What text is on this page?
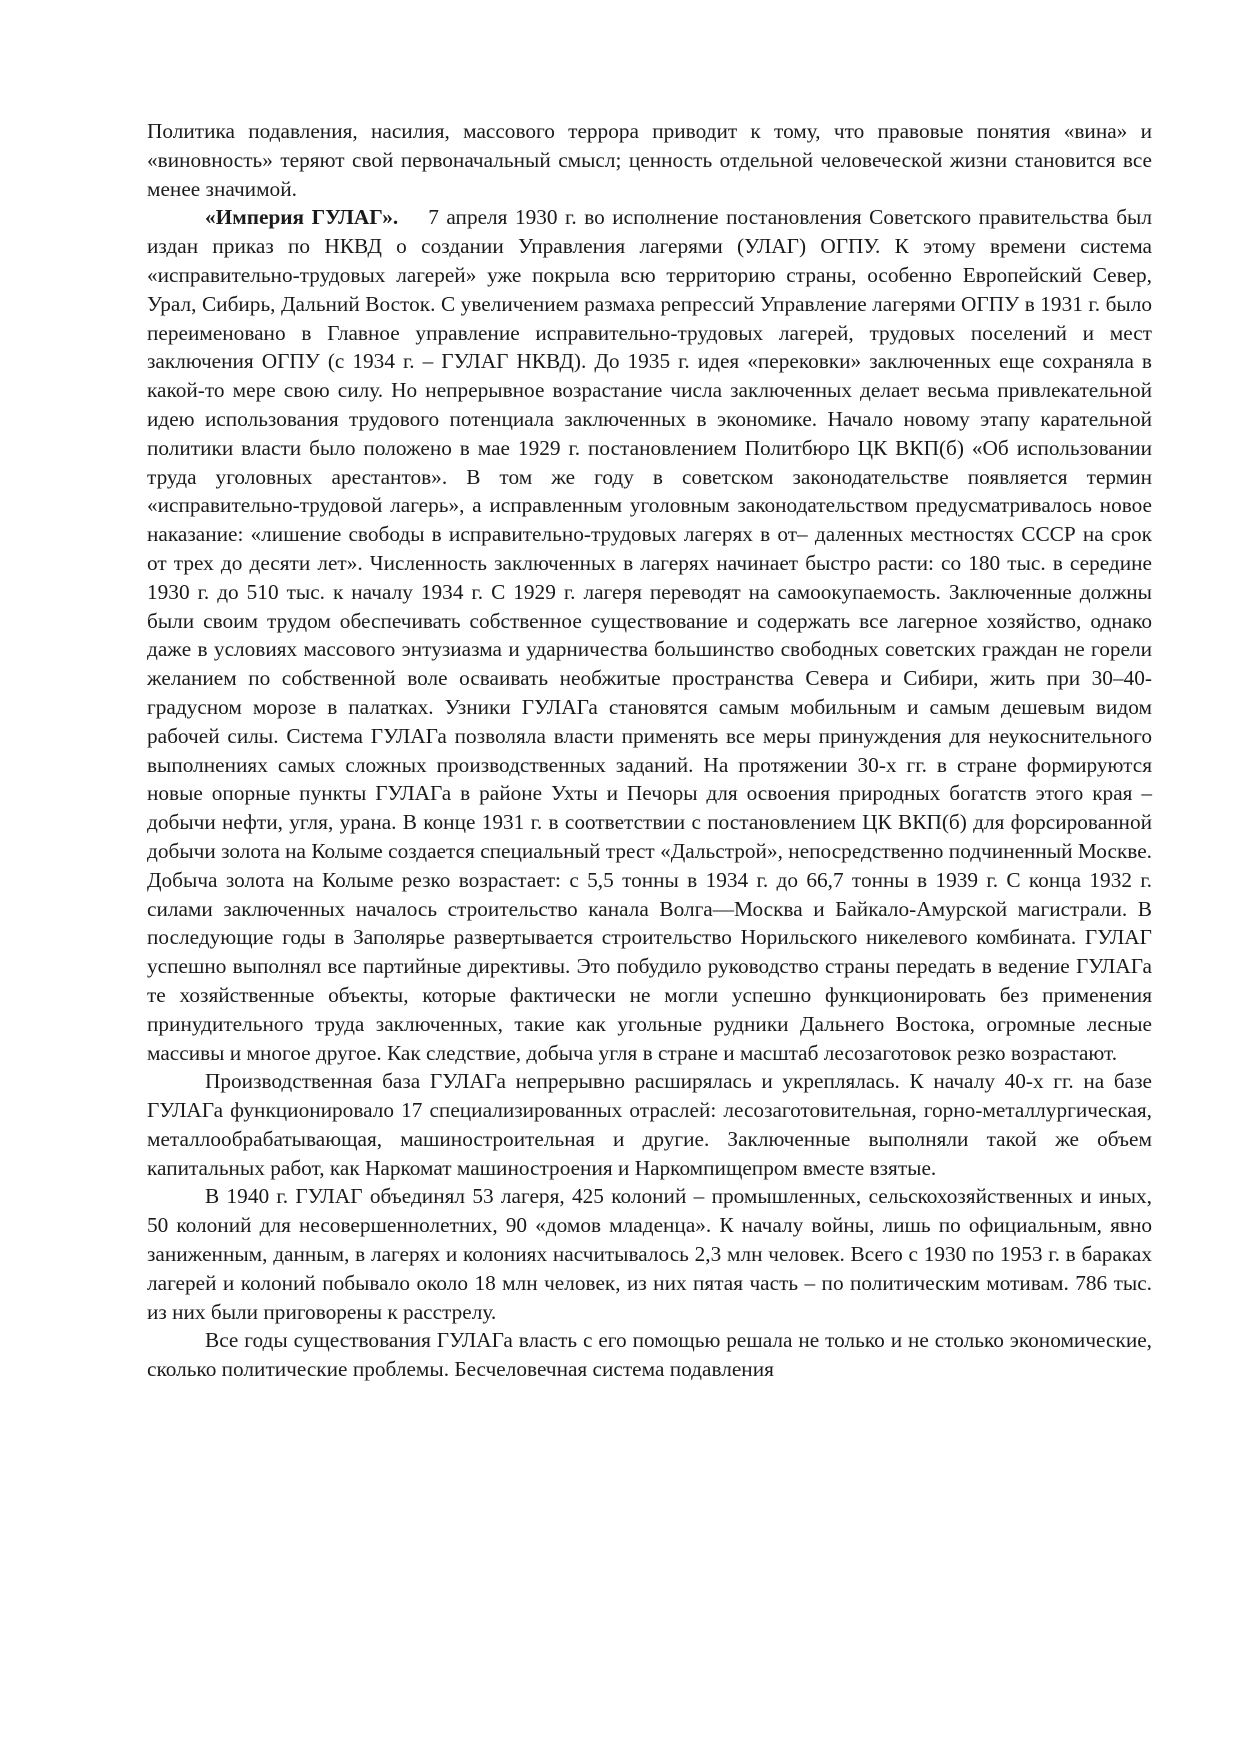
Политика подавления, насилия, массового террора приводит к тому, что правовые понятия «вина» и «виновность» теряют свой первоначальный смысл; ценность отдельной человеческой жизни становится все менее значимой.

«Империя ГУЛАГ». 7 апреля 1930 г. во исполнение постановления Советского правительства был издан приказ по НКВД о создании Управления лагерями (УЛАГ) ОГПУ. К этому времени система «исправительно-трудовых лагерей» уже покрыла всю территорию страны, особенно Европейский Север, Урал, Сибирь, Дальний Восток. С увеличением размаха репрессий Управление лагерями ОГПУ в 1931 г. было переименовано в Главное управление исправительно-трудовых лагерей, трудовых поселений и мест заключения ОГПУ (с 1934 г. – ГУЛАГ НКВД). До 1935 г. идея «перековки» заключенных еще сохраняла в какой-то мере свою силу. Но непрерывное возрастание числа заключенных делает весьма привлекательной идею использования трудового потенциала заключенных в экономике. Начало новому этапу карательной политики власти было положено в мае 1929 г. постановлением Политбюро ЦК ВКП(б) «Об использовании труда уголовных арестантов». В том же году в советском законодательстве появляется термин «исправительно-трудовой лагерь», а исправленным уголовным законодательством предусматривалось новое наказание: «лишение свободы в исправительно-трудовых лагерях в от– даленных местностях СССР на срок от трех до десяти лет». Численность заключенных в лагерях начинает быстро расти: со 180 тыс. в середине 1930 г. до 510 тыс. к началу 1934 г. С 1929 г. лагеря переводят на самоокупаемость. Заключенные должны были своим трудом обеспечивать собственное существование и содержать все лагерное хозяйство, однако даже в условиях массового энтузиазма и ударничества большинство свободных советских граждан не горели желанием по собственной воле осваивать необжитые пространства Севера и Сибири, жить при 30–40-градусном морозе в палатках. Узники ГУЛАГа становятся самым мобильным и самым дешевым видом рабочей силы. Система ГУЛАГа позволяла власти применять все меры принуждения для неукоснительного выполнениях самых сложных производственных заданий. На протяжении 30-х гг. в стране формируются новые опорные пункты ГУЛАГа в районе Ухты и Печоры для освоения природных богатств этого края – добычи нефти, угля, урана. В конце 1931 г. в соответствии с постановлением ЦК ВКП(б) для форсированной добычи золота на Колыме создается специальный трест «Дальстрой», непосредственно подчиненный Москве. Добыча золота на Колыме резко возрастает: с 5,5 тонны в 1934 г. до 66,7 тонны в 1939 г. С конца 1932 г. силами заключенных началось строительство канала Волга—Москва и Байкало-Амурской магистрали. В последующие годы в Заполярье развертывается строительство Норильского никелевого комбината. ГУЛАГ успешно выполнял все партийные директивы. Это побудило руководство страны передать в ведение ГУЛАГа те хозяйственные объекты, которые фактически не могли успешно функционировать без применения принудительного труда заключенных, такие как угольные рудники Дальнего Востока, огромные лесные массивы и многое другое. Как следствие, добыча угля в стране и масштаб лесозаготовок резко возрастают.

Производственная база ГУЛАГа непрерывно расширялась и укреплялась. К началу 40-х гг. на базе ГУЛАГа функционировало 17 специализированных отраслей: лесозаготовительная, горно-металлургическая, металлообрабатывающая, машиностроительная и другие. Заключенные выполняли такой же объем капитальных работ, как Наркомат машиностроения и Наркомпищепром вместе взятые.

В 1940 г. ГУЛАГ объединял 53 лагеря, 425 колоний – промышленных, сельскохозяйственных и иных, 50 колоний для несовершеннолетних, 90 «домов младенца». К началу войны, лишь по официальным, явно заниженным, данным, в лагерях и колониях насчитывалось 2,3 млн человек. Всего с 1930 по 1953 г. в бараках лагерей и колоний побывало около 18 млн человек, из них пятая часть – по политическим мотивам. 786 тыс. из них были приговорены к расстрелу.

Все годы существования ГУЛАГа власть с его помощью решала не только и не столько экономические, сколько политические проблемы. Бесчеловечная система подавления
